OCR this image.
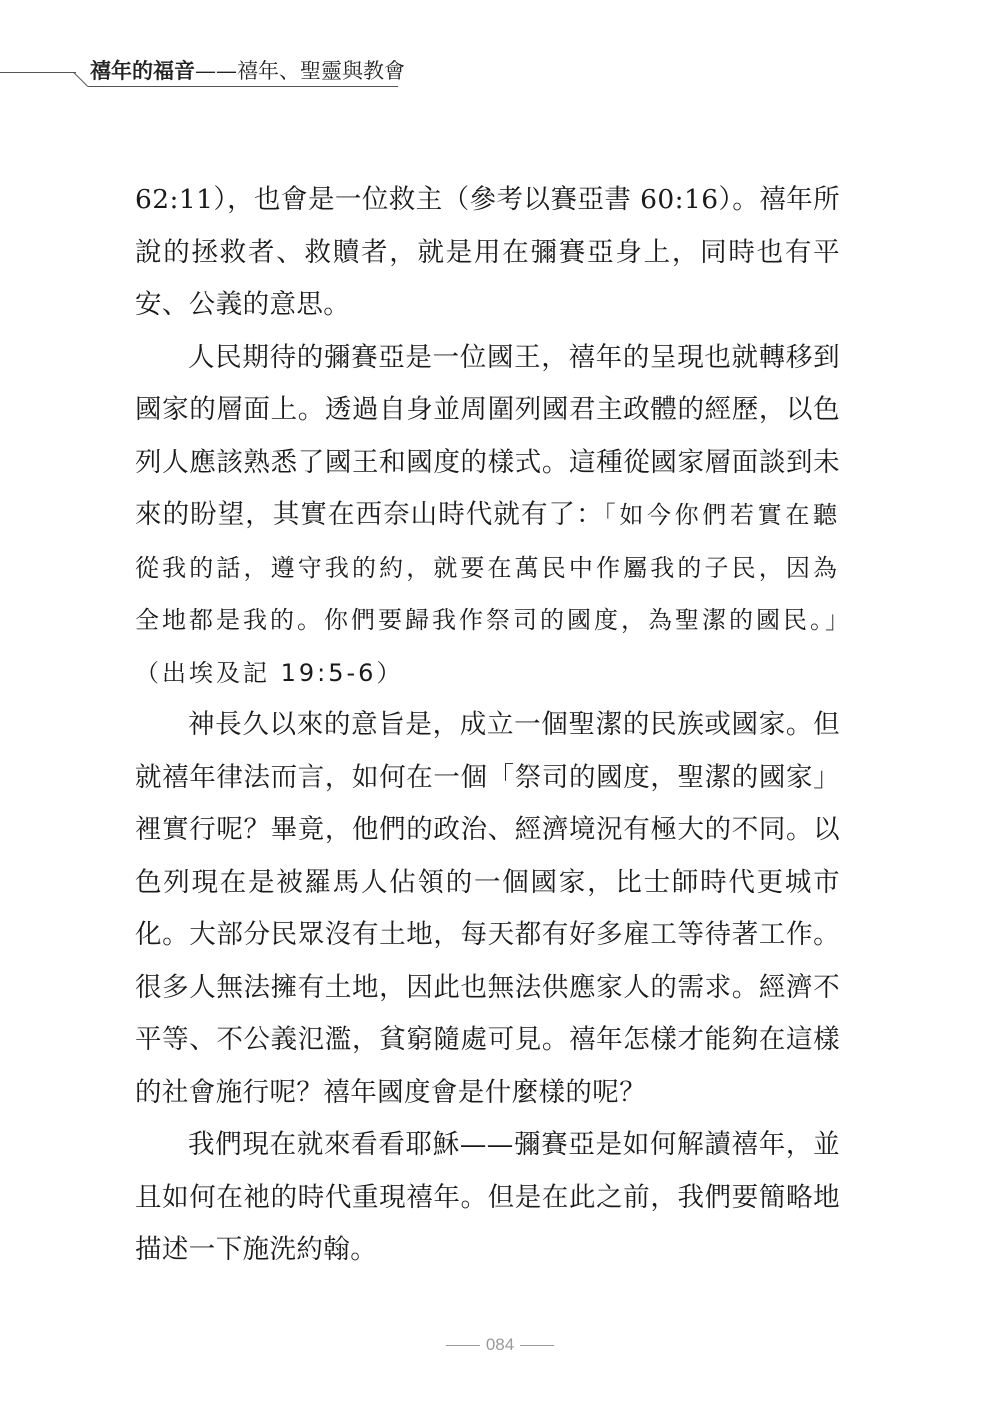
禧年的福音——禧年、聖靈與教會

62:11），也會是一位救主（參考以賽亞書 60:16）。禧年所說的拯救者、救贖者，就是用在彌賽亞身上，同時也有平安、公義的意思。

人民期待的彌賽亞是一位國王，禧年的呈現也就轉移到國家的層面上。透過自身並周圍列國君主政體的經歷，以色列人應該熟悉了國王和國度的樣式。這種從國家層面談到未來的盼望，其實在西奈山時代就有了：「如今你們若實在聽從我的話，遵守我的約，就要在萬民中作屬我的子民，因為全地都是我的。你們要歸我作祭司的國度，為聖潔的國民。」（出埃及記 19:5-6）

神長久以來的意旨是，成立一個聖潔的民族或國家。但就禧年律法而言，如何在一個「祭司的國度，聖潔的國家」裡實行呢？畢竟，他們的政治、經濟境況有極大的不同。以色列現在是被羅馬人佔領的一個國家，比士師時代更城市化。大部分民眾沒有土地，每天都有好多雇工等待著工作。很多人無法擁有土地，因此也無法供應家人的需求。經濟不平等、不公義氾濫，貧窮隨處可見。禧年怎樣才能夠在這樣的社會施行呢？禧年國度會是什麼樣的呢？

我們現在就來看看耶穌——彌賽亞是如何解讀禧年，並且如何在祂的時代重現禧年。但是在此之前，我們要簡略地描述一下施洗約翰。

084
